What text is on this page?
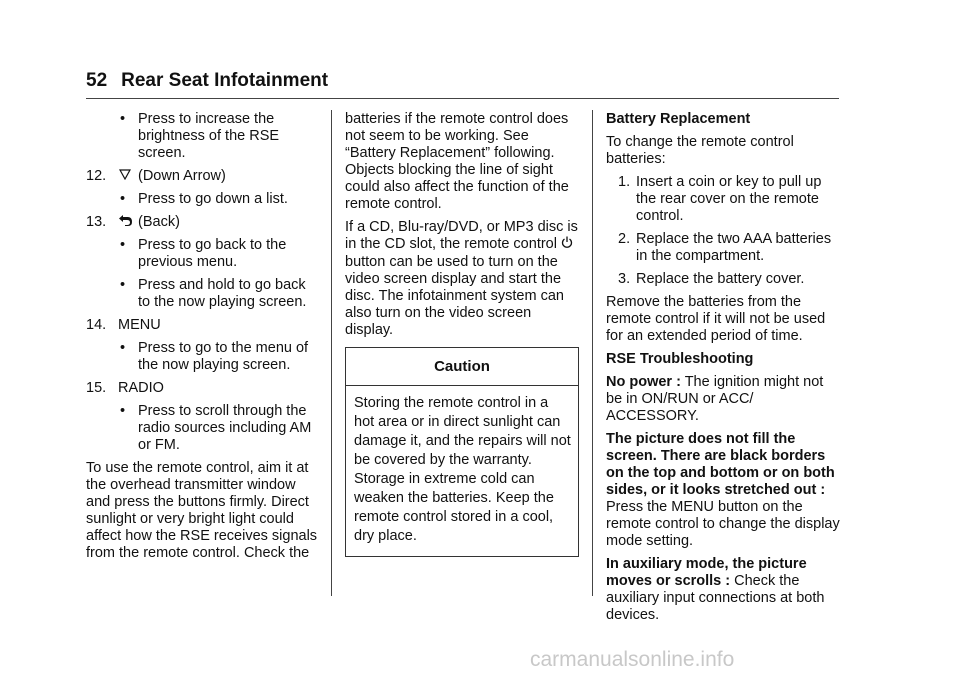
52 Rear Seat Infotainment
• Press to increase the brightness of the RSE screen.
12. (Down Arrow)
• Press to go down a list.
13. (Back)
• Press to go back to the previous menu.
• Press and hold to go back to the now playing screen.
14. MENU
• Press to go to the menu of the now playing screen.
15. RADIO
• Press to scroll through the radio sources including AM or FM.

To use the remote control, aim it at the overhead transmitter window and press the buttons firmly. Direct sunlight or very bright light could affect how the RSE receives signals from the remote control. Check the

batteries if the remote control does not seem to be working. See “Battery Replacement” following. Objects blocking the line of sight could also affect the function of the remote control.

If a CD, Blu-ray/DVD, or MP3 disc is in the CD slot, the remote control  button can be used to turn on the video screen display and start the disc. The infotainment system can also turn on the video screen display.

Caution
Storing the remote control in a hot area or in direct sunlight can damage it, and the repairs will not be covered by the warranty. Storage in extreme cold can weaken the batteries. Keep the remote control stored in a cool, dry place.

Battery Replacement

To change the remote control batteries:

1. Insert a coin or key to pull up the rear cover on the remote control.
2. Replace the two AAA batteries in the compartment.
3. Replace the battery cover.

Remove the batteries from the remote control if it will not be used for an extended period of time.

RSE Troubleshooting

No power : The ignition might not be in ON/RUN or ACC/ ACCESSORY.

The picture does not fill the screen. There are black borders on the top and bottom or on both sides, or it looks stretched out : Press the MENU button on the remote control to change the display mode setting.

In auxiliary mode, the picture moves or scrolls : Check the auxiliary input connections at both devices.

carmanualsonline.info
